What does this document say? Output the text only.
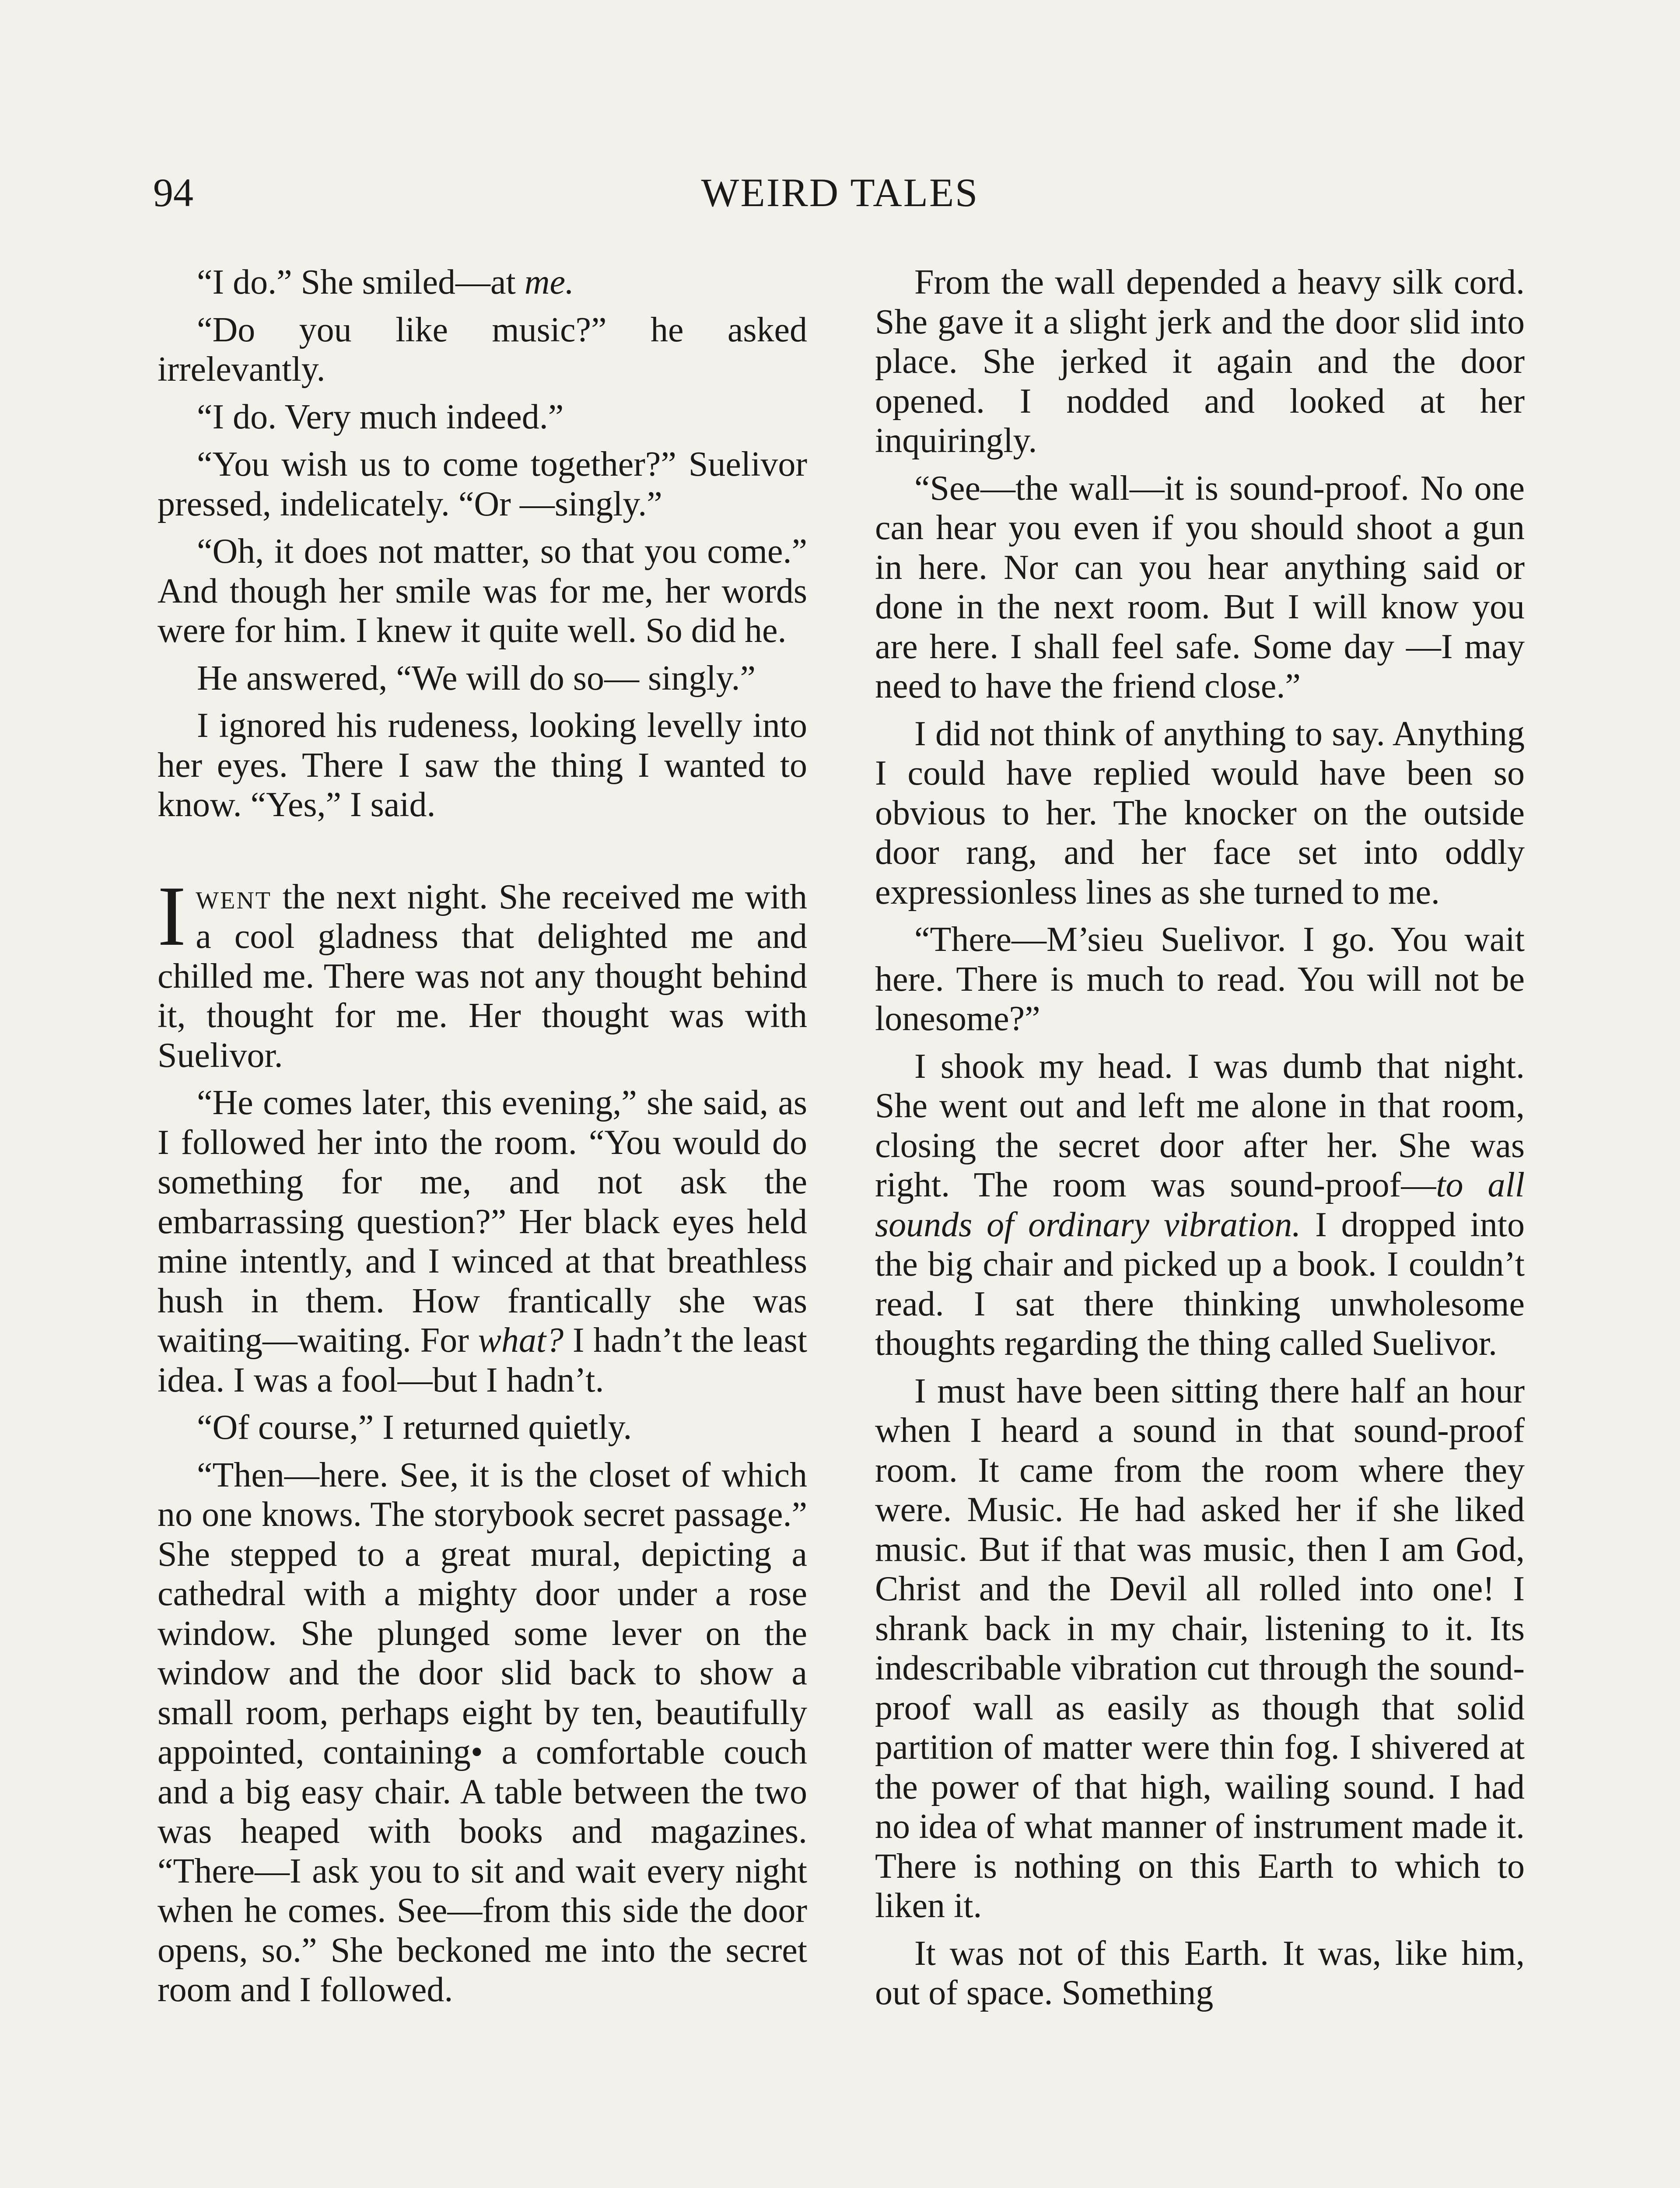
94	WEIRD TALES

“I do.” She smiled—at me.

“Do you like music?” he asked irrelevantly.

“I do. Very much indeed.”

“You wish us to come together?” Suelivor pressed, indelicately. “Or —singly.”

“Oh, it does not matter, so that you come.” And though her smile was for me, her words were for him. I knew it quite well. So did he.

He answered, “We will do so— singly.”

I ignored his rudeness, looking levelly into her eyes. There I saw the thing I wanted to know. “Yes,” I said.

Iwent the next night. She received me with a cool gladness that delighted me and chilled me. There was not any thought behind it, thought for me. Her thought was with Suelivor.

“He comes later, this evening,” she said, as I followed her into the room. “You would do something for me, and not ask the embarrassing question?” Her black eyes held mine intently, and I winced at that breathless hush in them. How frantically she was waiting—waiting. For what? I hadn’t the least idea. I was a fool—but I hadn’t.

“Of course,” I returned quietly.

“Then—here. See, it is the closet of which no one knows. The storybook secret passage.” She stepped to a great mural, depicting a cathedral with a mighty door under a rose window. She plunged some lever on the window and the door slid back to show a small room, perhaps eight by ten, beautifully appointed, containing• a comfortable couch and a big easy chair. A table between the two was heaped with books and magazines. “There—I ask you to sit and wait every night when he comes. See—from this side the door opens, so.” She beckoned me into the secret room and I followed.

From the wall depended a heavy silk cord. She gave it a slight jerk and the door slid into place. She jerked it again and the door opened. I nodded and looked at her inquiringly.

“See—the wall—it is sound-proof. No one can hear you even if you should shoot a gun in here. Nor can you hear anything said or done in the next room. But I will know you are here. I shall feel safe. Some day —I may need to have the friend close.”

I did not think of anything to say. Anything I could have replied would have been so obvious to her. The knocker on the outside door rang, and her face set into oddly expressionless lines as she turned to me.

“There—M’sieu Suelivor. I go. You wait here. There is much to read. You will not be lonesome?”

I shook my head. I was dumb that night. She went out and left me alone in that room, closing the secret door after her. She was right. The room was sound-proof—to all sounds of ordinary vibration. I dropped into the big chair and picked up a book. I couldn’t read. I sat there thinking unwholesome thoughts regarding the thing called Suelivor.

I must have been sitting there half an hour when I heard a sound in that sound-proof room. It came from the room where they were. Music. He had asked her if she liked music. But if that was music, then I am God, Christ and the Devil all rolled into one! I shrank back in my chair, listening to it. Its indescribable vibration cut through the sound-proof wall as easily as though that solid partition of matter were thin fog. I shivered at the power of that high, wailing sound. I had no idea of what manner of instrument made it. There is nothing on this Earth to which to liken it.

It was not of this Earth. It was, like him, out of space. Something
